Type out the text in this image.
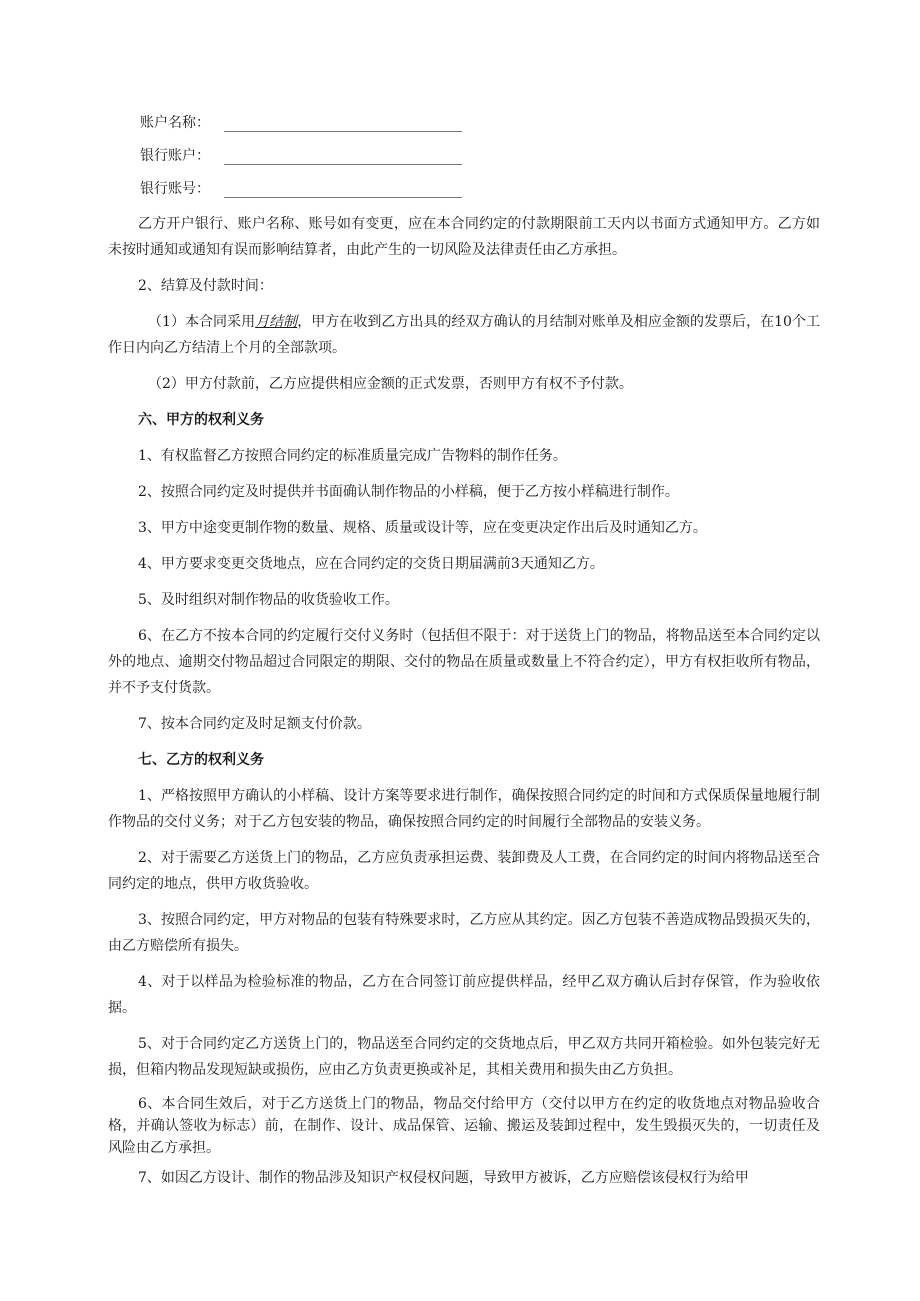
账户名称：
银行账户：
银行账号：
乙方开户银行、账户名称、账号如有变更，应在本合同约定的付款期限前工天内以书面方式通知甲方。乙方如未按时通知或通知有误而影响结算者，由此产生的一切风险及法律责任由乙方承担。
2、结算及付款时间：
（1）本合同采用月结制，甲方在收到乙方出具的经双方确认的月结制对账单及相应金额的发票后，在10个工作日内向乙方结清上个月的全部款项。
（2）甲方付款前，乙方应提供相应金额的正式发票，否则甲方有权不予付款。
六、甲方的权利义务
1、有权监督乙方按照合同约定的标准质量完成广告物料的制作任务。
2、按照合同约定及时提供并书面确认制作物品的小样稿，便于乙方按小样稿进行制作。
3、甲方中途变更制作物的数量、规格、质量或设计等，应在变更决定作出后及时通知乙方。
4、甲方要求变更交货地点，应在合同约定的交货日期届满前3天通知乙方。
5、及时组织对制作物品的收货验收工作。
6、在乙方不按本合同的约定履行交付义务时（包括但不限于：对于送货上门的物品，将物品送至本合同约定以外的地点、逾期交付物品超过合同限定的期限、交付的物品在质量或数量上不符合约定），甲方有权拒收所有物品，并不予支付货款。
7、按本合同约定及时足额支付价款。
七、乙方的权利义务
1、严格按照甲方确认的小样稿、设计方案等要求进行制作，确保按照合同约定的时间和方式保质保量地履行制作物品的交付义务；对于乙方包安装的物品，确保按照合同约定的时间履行全部物品的安装义务。
2、对于需要乙方送货上门的物品，乙方应负责承担运费、装卸费及人工费，在合同约定的时间内将物品送至合同约定的地点，供甲方收货验收。
3、按照合同约定，甲方对物品的包装有特殊要求时，乙方应从其约定。因乙方包装不善造成物品毁损灭失的，由乙方赔偿所有损失。
4、对于以样品为检验标准的物品，乙方在合同签订前应提供样品，经甲乙双方确认后封存保管，作为验收依据。
5、对于合同约定乙方送货上门的，物品送至合同约定的交货地点后，甲乙双方共同开箱检验。如外包装完好无损，但箱内物品发现短缺或损伤，应由乙方负责更换或补足，其相关费用和损失由乙方负担。
6、本合同生效后，对于乙方送货上门的物品，物品交付给甲方（交付以甲方在约定的收货地点对物品验收合格，并确认签收为标志）前，在制作、设计、成品保管、运输、搬运及装卸过程中，发生毁损灭失的，一切责任及风险由乙方承担。
7、如因乙方设计、制作的物品涉及知识产权侵权问题，导致甲方被诉，乙方应赔偿该侵权行为给甲
